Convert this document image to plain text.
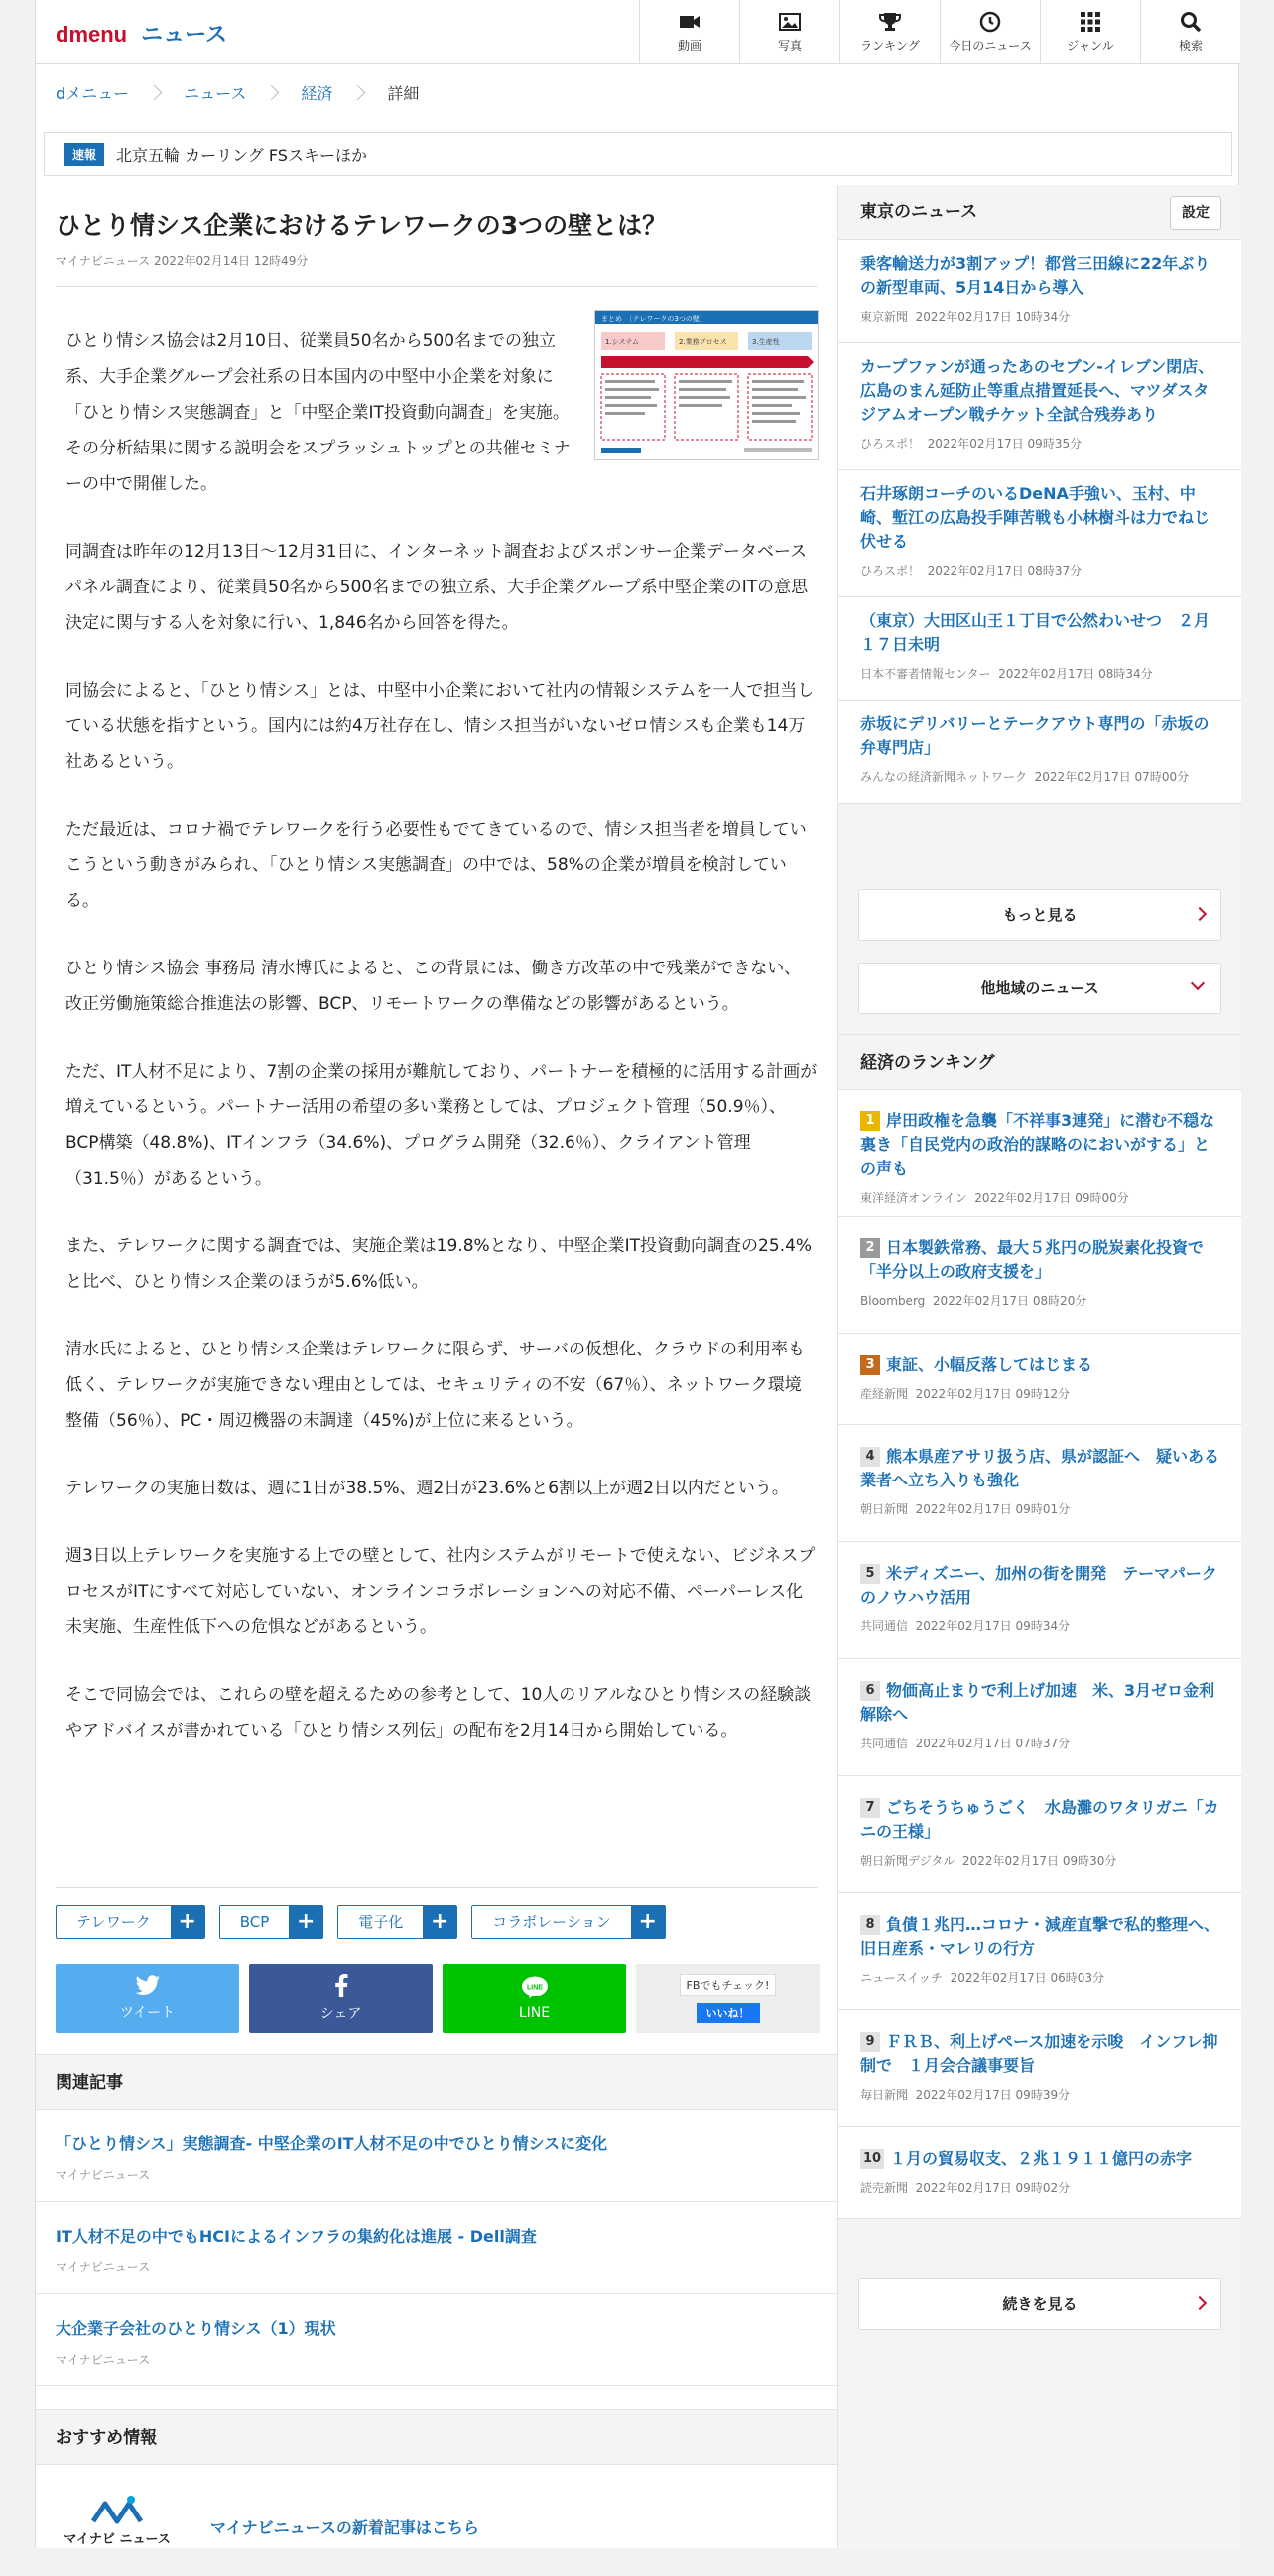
dmenu ニュース	動画	写真	ランキング 今日のニュース	ジャンル	検索
dメニュー	ニュース	経済	詳細
速報	北京五輪 カーリング FSスキーほか
ひとり情シス企業におけるテレワークの3つの壁とは？
マイナビニュース 2022年02月14日 12時49分
まとめ　〔テレワークの3つの壁〕
1.システム	2.業務プロセス	3.生産性

ひとり情シス協会は2月10日、従業員50名から500名までの独立系、大手企業グループ会社系の日本国内の中堅中小企業を対象に「ひとり情シス実態調査」と「中堅企業IT投資動向調査」を実施。その分析結果に関する説明会をスプラッシュトップとの共催セミナーの中で開催した。

同調査は昨年の12月13日〜12月31日に、インターネット調査およびスポンサー企業データベースパネル調査により、従業員50名から500名までの独立系、大手企業グループ系中堅企業のITの意思決定に関与する人を対象に行い、1,846名から回答を得た。

同協会によると、「ひとり情シス」とは、中堅中小企業において社内の情報システムを一人で担当している状態を指すという。国内には約4万社存在し、情シス担当がいないゼロ情シスも企業も14万社あるという。

ただ最近は、コロナ禍でテレワークを行う必要性もでてきているので、情シス担当者を増員していこうという動きがみられ、「ひとり情シス実態調査」の中では、58%の企業が増員を検討している。

ひとり情シス協会 事務局 清水博氏によると、この背景には、働き方改革の中で残業ができない、改正労働施策総合推進法の影響、BCP、リモートワークの準備などの影響があるという。

ただ、IT人材不足により、7割の企業の採用が難航しており、パートナーを積極的に活用する計画が増えているという。パートナー活用の希望の多い業務としては、プロジェクト管理（50.9％）、BCP構築（48.8%)、ITインフラ（34.6%)、プログラム開発（32.6％）、クライアント管理（31.5％）があるという。

また、テレワークに関する調査では、実施企業は19.8%となり、中堅企業IT投資動向調査の25.4%と比べ、ひとり情シス企業のほうが5.6%低い。

清水氏によると、ひとり情シス企業はテレワークに限らず、サーバの仮想化、クラウドの利用率も低く、テレワークが実施できない理由としては、セキュリティの不安（67％）、ネットワーク環境整備（56％）、PC・周辺機器の未調達（45%)が上位に来るという。

テレワークの実施日数は、週に1日が38.5%、週2日が23.6%と6割以上が週2日以内だという。

週3日以上テレワークを実施する上での壁として、社内システムがリモートで使えない、ビジネスプロセスがITにすべて対応していない、オンラインコラボレーションへの対応不備、ペーパーレス化未実施、生産性低下への危惧などがあるという。

そこで同協会では、これらの壁を超えるための参考として、10人のリアルなひとり情シスの経験談やアドバイスが書かれている「ひとり情シス列伝」の配布を2月14日から開始している。

テレワーク	+	BCP	+	電子化	+	コラボレーション	+
ツイート	シェア
LINE
LINE
FBでもチェック!
いいね！
関連記事
「ひとり情シス」実態調査- 中堅企業のIT人材不足の中でひとり情シスに変化
マイナビニュース
IT人材不足の中でもHCIによるインフラの集約化は進展 - Dell調査
マイナビニュース
大企業子会社のひとり情シス（1）現状
マイナビニュース
おすすめ情報
マイナビ ニュース
マイナビニュースの新着記事はこちら
東京のニュース	設定
乗客輸送力が3割アップ！都営三田線に22年ぶりの新型車両、5月14日から導入
東京新聞 2022年02月17日 10時34分
カープファンが通ったあのセブン-イレブン閉店、広島のまん延防止等重点措置延長へ、マツダスタジアムオープン戦チケット全試合残券あり
ひろスポ！ 2022年02月17日 09時35分
石井琢朗コーチのいるDeNA手強い、玉村、中崎、塹江の広島投手陣苦戦も小林樹斗は力でねじ伏せる
ひろスポ！ 2022年02月17日 08時37分
（東京）大田区山王１丁目で公然わいせつ　２月１７日未明
日本不審者情報センター 2022年02月17日 08時34分
赤坂にデリバリーとテークアウト専門の「赤坂の弁専門店」
みんなの経済新聞ネットワーク 2022年02月17日 07時00分
もっと見る
他地域のニュース
経済のランキング
1 岸田政権を急襲「不祥事3連発」に潜む不穏な裏き「自民党内の政治的謀略のにおいがする」との声も
東洋経済オンライン 2022年02月17日 09時00分
2 日本製鉄常務、最大５兆円の脱炭素化投資で「半分以上の政府支援を」
Bloomberg 2022年02月17日 08時20分
3 東証、小幅反落してはじまる
産経新聞 2022年02月17日 09時12分
4 熊本県産アサリ扱う店、県が認証へ　疑いある業者へ立ち入りも強化
朝日新聞 2022年02月17日 09時01分
5 米ディズニー、加州の街を開発　テーマパークのノウハウ活用
共同通信 2022年02月17日 09時34分
6 物価高止まりで利上げ加速　米、3月ゼロ金利解除へ
共同通信 2022年02月17日 07時37分
7 ごちそうちゅうごく　水島灘のワタリガニ「カニの王様」
朝日新聞デジタル 2022年02月17日 09時30分
8 負債１兆円…コロナ・減産直撃で私的整理へ、旧日産系・マレリの行方
ニュースイッチ 2022年02月17日 06時03分
9 ＦＲＢ、利上げペース加速を示唆　インフレ抑制で　１月会合議事要旨
毎日新聞 2022年02月17日 09時39分
10 １月の貿易収支、２兆１９１１億円の赤字
読売新聞 2022年02月17日 09時02分
続きを見る
